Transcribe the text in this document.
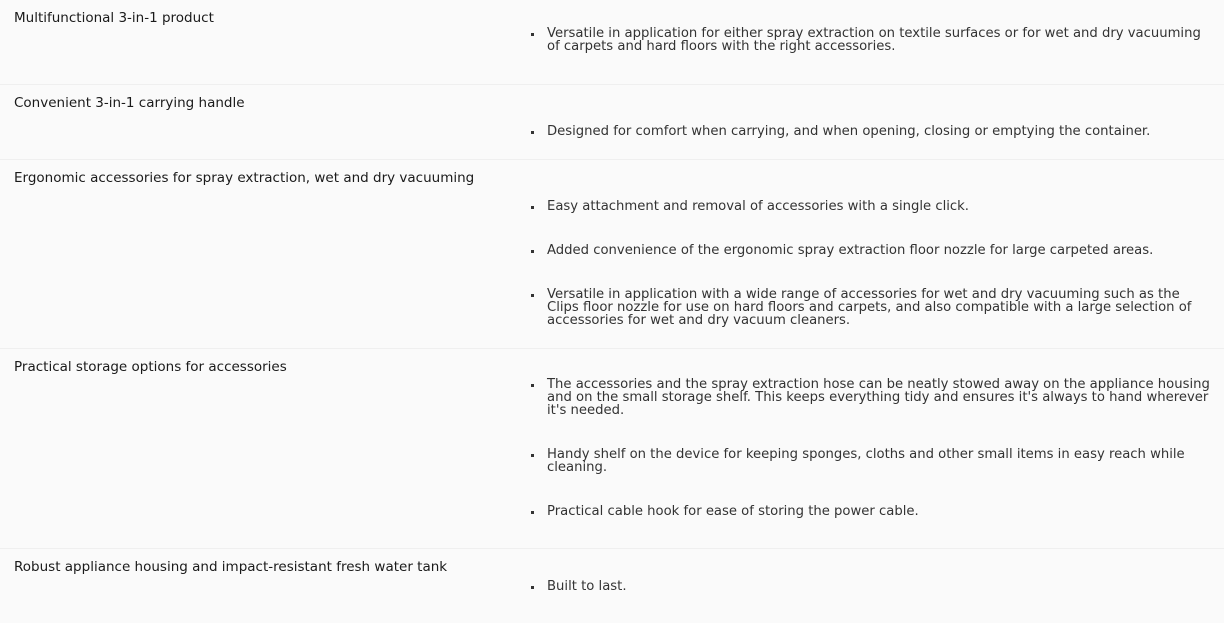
Multifunctional 3-in-1 product
Versatile in application for either spray extraction on textile surfaces or for wet and dry vacuuming of carpets and hard floors with the right accessories.
Convenient 3-in-1 carrying handle
Designed for comfort when carrying, and when opening, closing or emptying the container.
Ergonomic accessories for spray extraction, wet and dry vacuuming
Easy attachment and removal of accessories with a single click.
Added convenience of the ergonomic spray extraction floor nozzle for large carpeted areas.
Versatile in application with a wide range of accessories for wet and dry vacuuming such as the Clips floor nozzle for use on hard floors and carpets, and also compatible with a large selection of accessories for wet and dry vacuum cleaners.
Practical storage options for accessories
The accessories and the spray extraction hose can be neatly stowed away on the appliance housing and on the small storage shelf. This keeps everything tidy and ensures it's always to hand wherever it's needed.
Handy shelf on the device for keeping sponges, cloths and other small items in easy reach while cleaning.
Practical cable hook for ease of storing the power cable.
Robust appliance housing and impact-resistant fresh water tank
Built to last.
